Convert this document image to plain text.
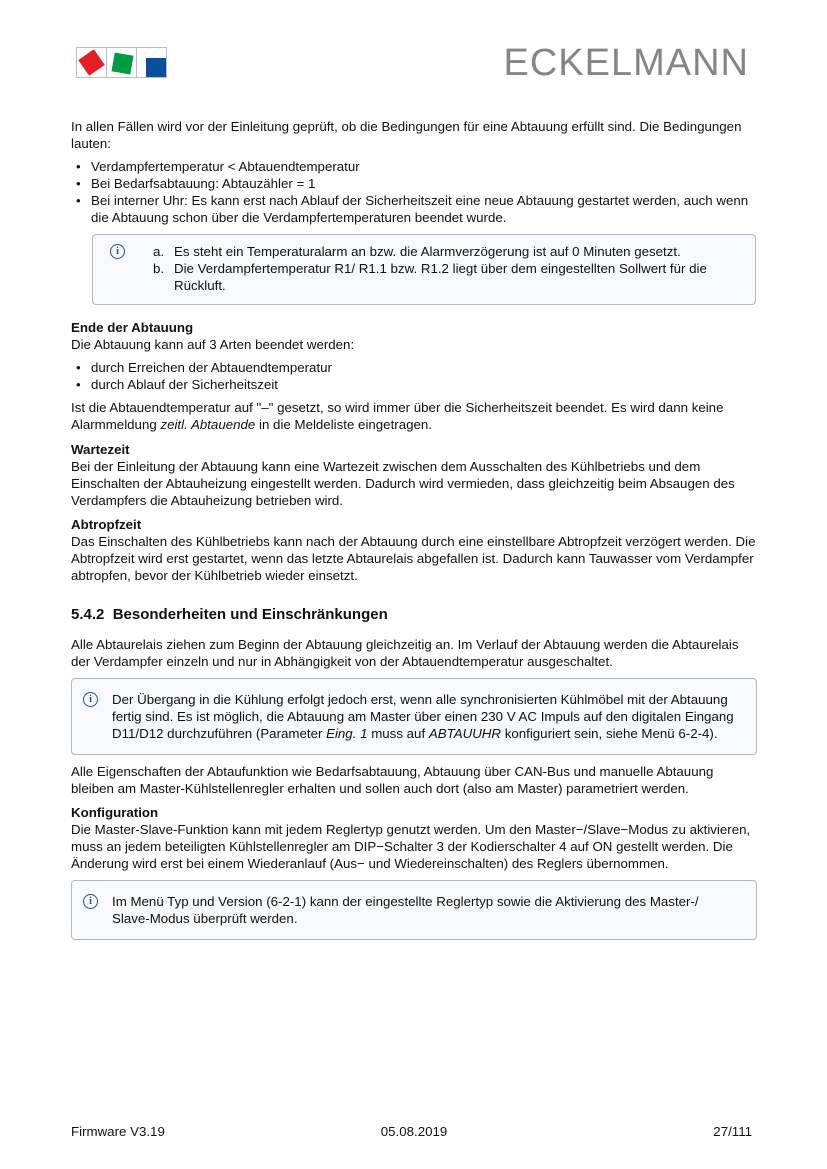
ECKELMANN

In allen Fällen wird vor der Einleitung geprüft, ob die Bedingungen für eine Abtauung erfüllt sind. Die Bedingungen lauten:

• Verdampfertemperatur < Abtauendtemperatur
• Bei Bedarfsabtauung: Abtauzähler = 1
• Bei interner Uhr: Es kann erst nach Ablauf der Sicherheitszeit eine neue Abtauung gestartet werden, auch wenn die Abtauung schon über die Verdampfertemperaturen beendet wurde.
i	a. Es steht ein Temperaturalarm an bzw. die Alarmverzögerung ist auf 0 Minuten gesetzt.
b. Die Verdampfertemperatur R1/ R1.1 bzw. R1.2 liegt über dem eingestellten Sollwert für die Rückluft.
Ende der Abtauung

Die Abtauung kann auf 3 Arten beendet werden:

• durch Erreichen der Abtauendtemperatur
• durch Ablauf der Sicherheitszeit

Ist die Abtauendtemperatur auf "–" gesetzt, so wird immer über die Sicherheitszeit beendet. Es wird dann keine Alarmmeldung zeitl. Abtauende in die Meldeliste eingetragen.

Wartezeit

Bei der Einleitung der Abtauung kann eine Wartezeit zwischen dem Ausschalten des Kühlbetriebs und dem Einschalten der Abtauheizung eingestellt werden. Dadurch wird vermieden, dass gleichzeitig beim Absaugen des Verdampfers die Abtauheizung betrieben wird.

Abtropfzeit

Das Einschalten des Kühlbetriebs kann nach der Abtauung durch eine einstellbare Abtropfzeit verzögert werden. Die Abtropfzeit wird erst gestartet, wenn das letzte Abtaurelais abgefallen ist. Dadurch kann Tauwasser vom Verdampfer abtropfen, bevor der Kühlbetrieb wieder einsetzt.

5.4.2 Besonderheiten und Einschränkungen

Alle Abtaurelais ziehen zum Beginn der Abtauung gleichzeitig an. Im Verlauf der Abtauung werden die Abtaurelais der Verdampfer einzeln und nur in Abhängigkeit von der Abtauendtemperatur ausgeschaltet.

i	Der Übergang in die Kühlung erfolgt jedoch erst, wenn alle synchronisierten Kühlmöbel mit der Abtauung fertig sind. Es ist möglich, die Abtauung am Master über einen 230 V AC Impuls auf den digitalen Eingang D11/D12 durchzuführen (Parameter Eing. 1 muss auf ABTAUUHR konfiguriert sein, siehe Menü 6-2-4).

Alle Eigenschaften der Abtaufunktion wie Bedarfsabtauung, Abtauung über CAN-Bus und manuelle Abtauung bleiben am Master-Kühlstellenregler erhalten und sollen auch dort (also am Master) parametriert werden.

Konfiguration

Die Master-Slave-Funktion kann mit jedem Reglertyp genutzt werden. Um den Master−/Slave−Modus zu aktivieren, muss an jedem beteiligten Kühlstellenregler am DIP−Schalter 3 der Kodierschalter 4 auf ON gestellt werden. Die Änderung wird erst bei einem Wiederanlauf (Aus− und Wiedereinschalten) des Reglers übernommen.

i	Im Menü Typ und Version (6-2-1) kann der eingestellte Reglertyp sowie die Aktivierung des Master-/ Slave-Modus überprüft werden.

Firmware V3.19	05.08.2019	27/111
